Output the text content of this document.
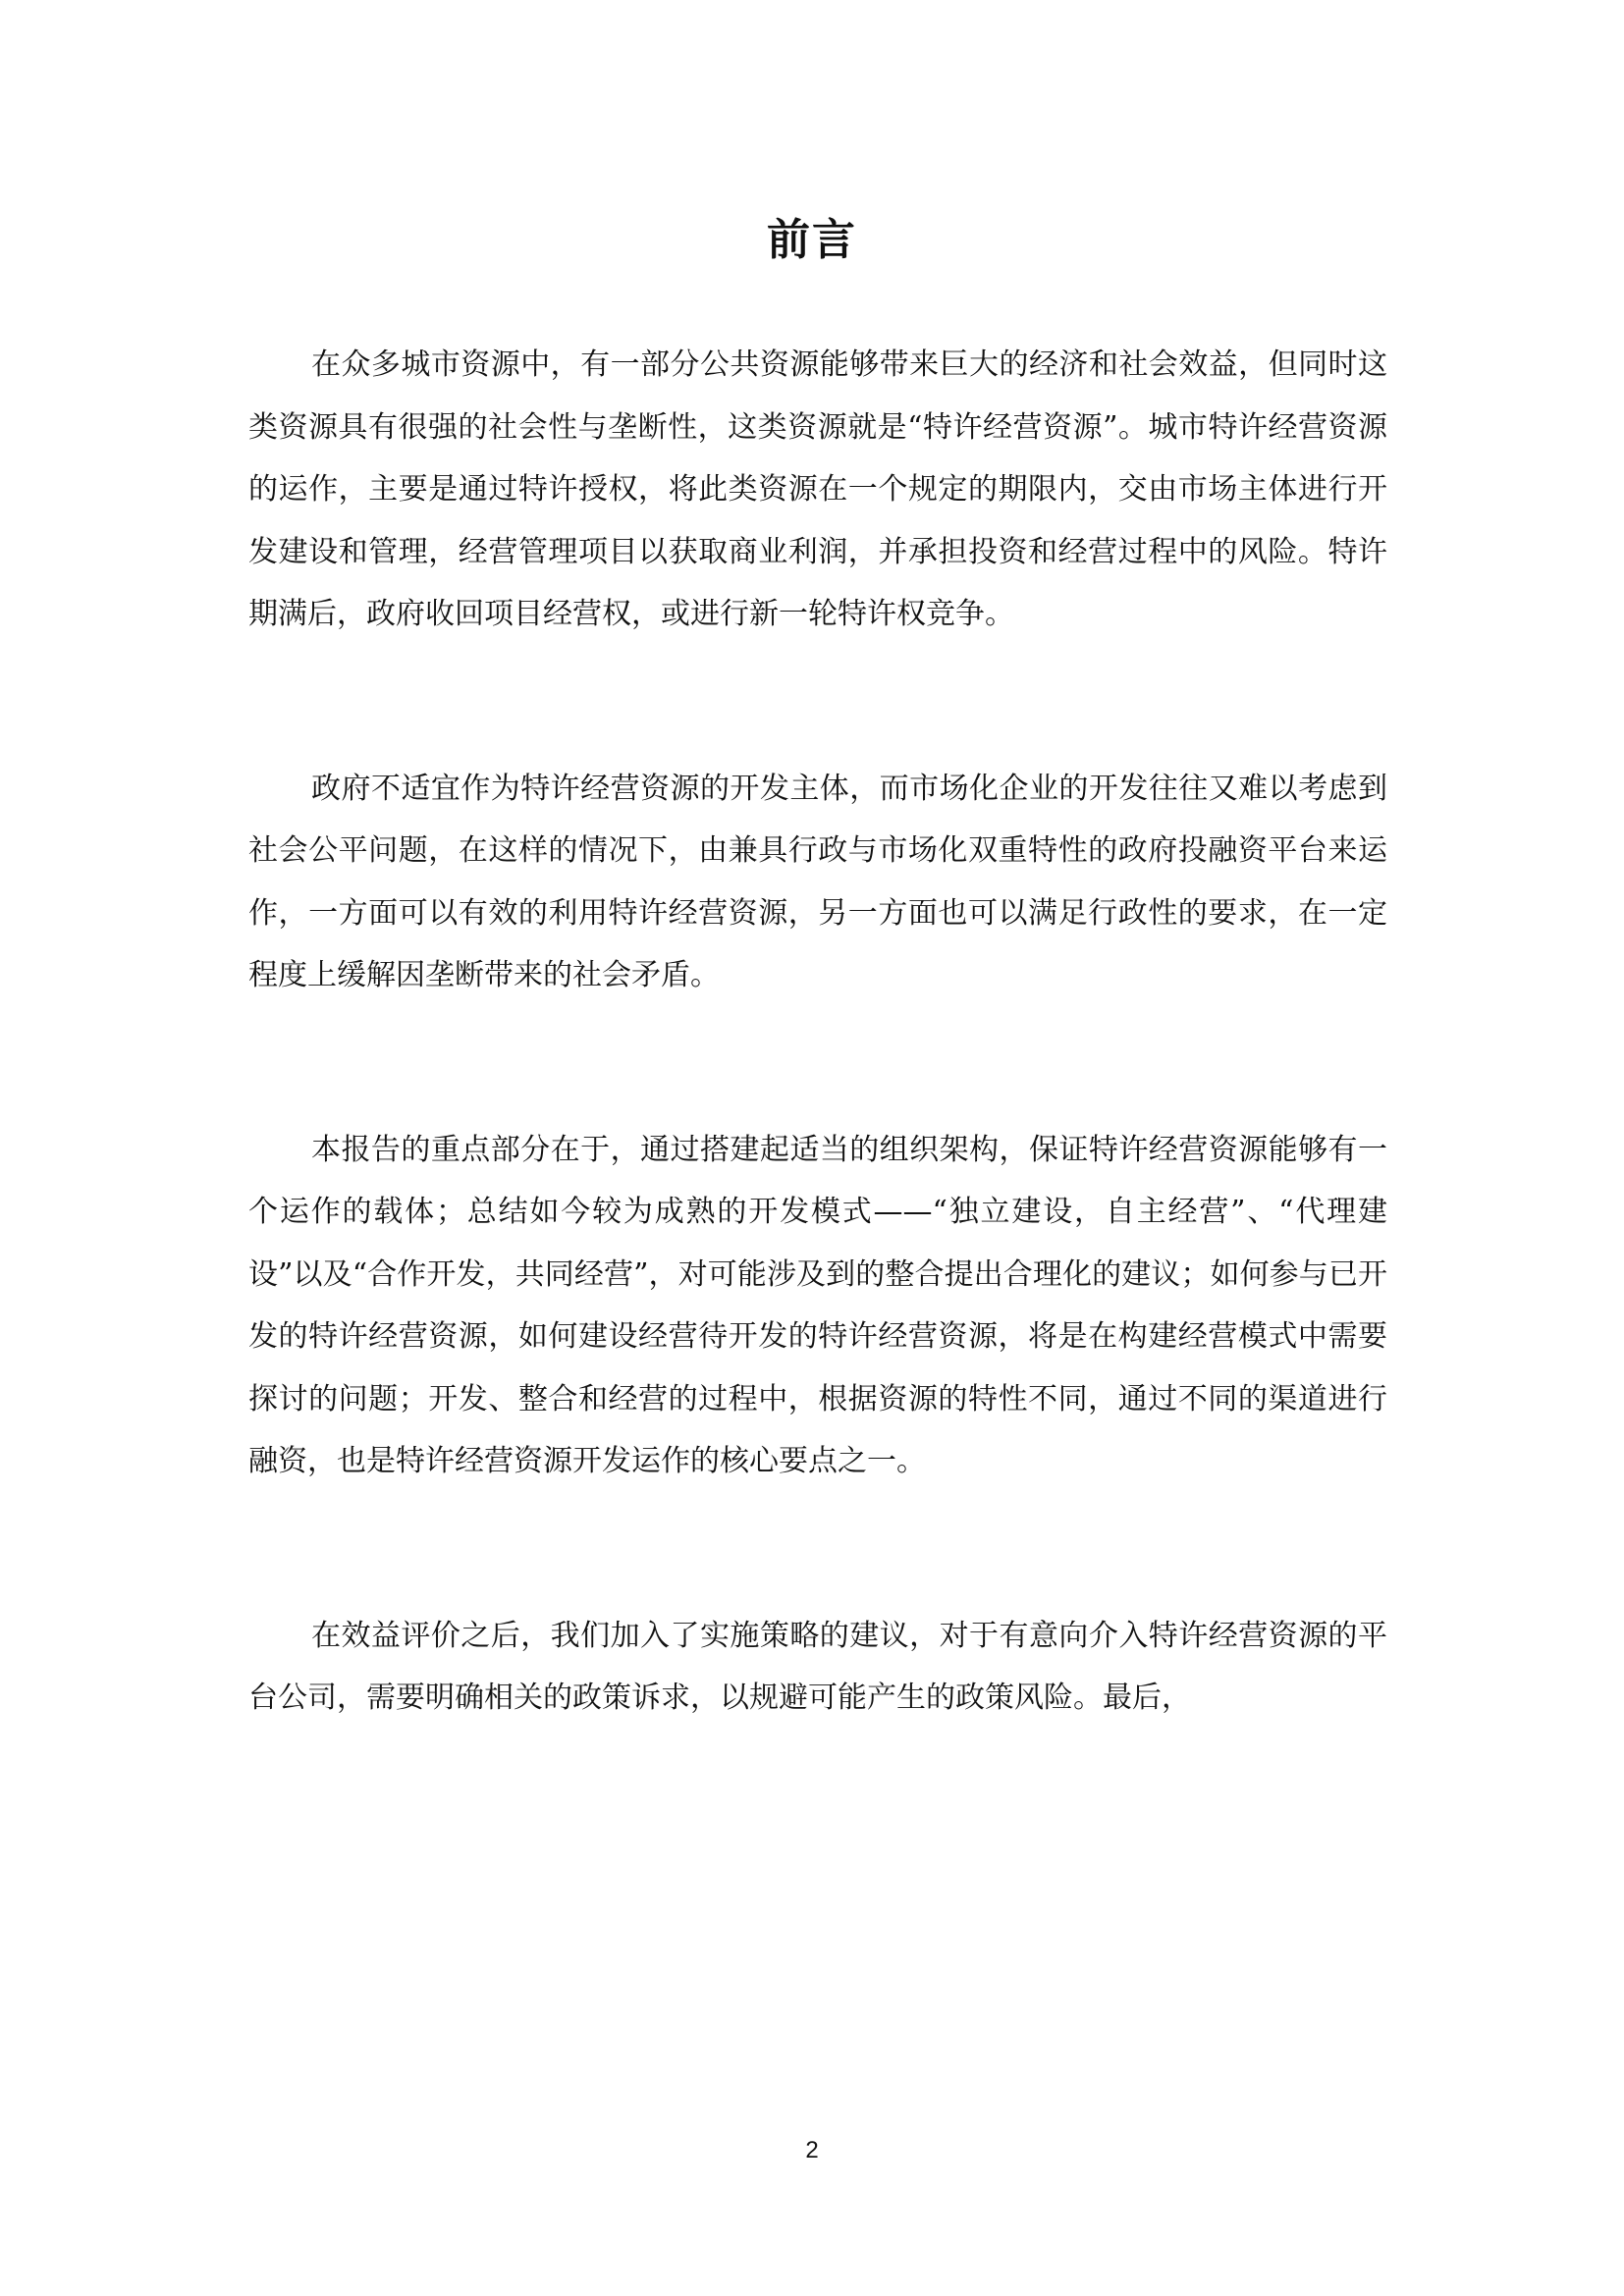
前言

在众多城市资源中，有一部分公共资源能够带来巨大的经济和社会效益，但同时这类资源具有很强的社会性与垄断性，这类资源就是“特许经营资源”。城市特许经营资源的运作，主要是通过特许授权，将此类资源在一个规定的期限内，交由市场主体进行开发建设和管理，经营管理项目以获取商业利润，并承担投资和经营过程中的风险。特许期满后，政府收回项目经营权，或进行新一轮特许权竞争。

政府不适宜作为特许经营资源的开发主体，而市场化企业的开发往往又难以考虑到社会公平问题，在这样的情况下，由兼具行政与市场化双重特性的政府投融资平台来运作，一方面可以有效的利用特许经营资源，另一方面也可以满足行政性的要求，在一定程度上缓解因垄断带来的社会矛盾。

本报告的重点部分在于，通过搭建起适当的组织架构，保证特许经营资源能够有一个运作的载体；总结如今较为成熟的开发模式——“独立建设，自主经营”、“代理建设”以及“合作开发，共同经营”，对可能涉及到的整合提出合理化的建议；如何参与已开发的特许经营资源，如何建设经营待开发的特许经营资源，将是在构建经营模式中需要探讨的问题；开发、整合和经营的过程中，根据资源的特性不同，通过不同的渠道进行融资，也是特许经营资源开发运作的核心要点之一。

在效益评价之后，我们加入了实施策略的建议，对于有意向介入特许经营资源的平台公司，需要明确相关的政策诉求，以规避可能产生的政策风险。最后，

2
